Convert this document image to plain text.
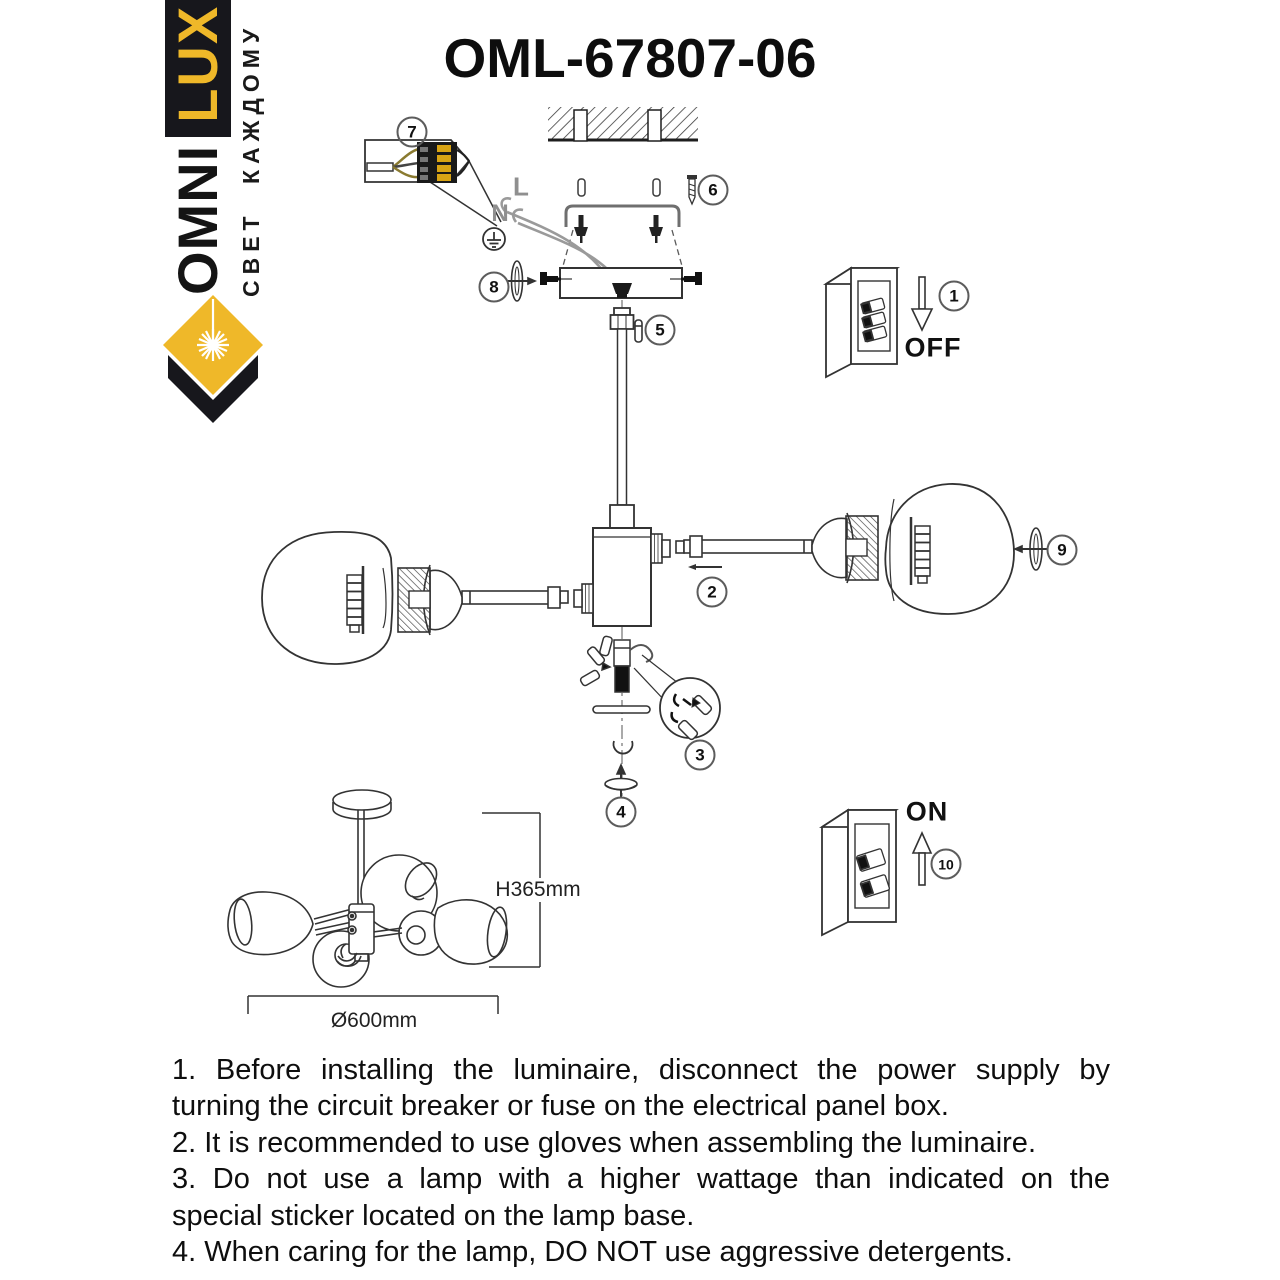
OML-67807-06
OMNI
LUX СВЕТ КАЖДОМУ	7
6
8
5
1
2
9
3
4
10
L
N
OFF
ON
H365mm
Ø600mm
1. Before installing the luminaire, disconnect the power supply by
turning the circuit breaker or fuse on the electrical panel box.
2. It is recommended to use gloves when assembling the luminaire.
3. Do not use a lamp with a higher wattage than indicated on the
special sticker located on the lamp base.
4. When caring for the lamp, DO NOT use aggressive detergents.
